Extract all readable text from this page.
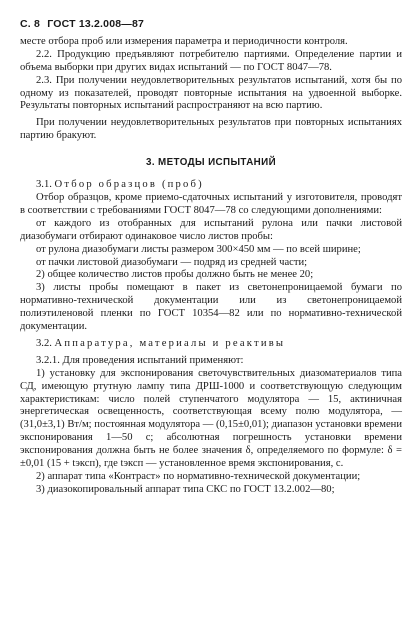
С. 8 ГОСТ 13.2.008—87

месте отбора проб или измерения параметра и периодичности контроля.

2.2. Продукцию предъявляют потребителю партиями. Определение партии и объема выборки при других видах испытаний — по ГОСТ 8047—78.

2.3. При получении неудовлетворительных результатов испытаний, хотя бы по одному из показателей, проводят повторные испытания на удвоенной выборке. Результаты повторных испытаний распространяют на всю партию.

При получении неудовлетворительных результатов при повторных испытаниях партию бракуют.

3. МЕТОДЫ ИСПЫТАНИЙ

3.1. Отбор образцов (проб)

Отбор образцов, кроме приемо-сдаточных испытаний у изготовителя, проводят в соответствии с требованиями ГОСТ 8047—78 со следующими дополнениями:

от каждого из отобранных для испытаний рулона или пачки листовой диазобумаги отбирают одинаковое число листов пробы:

от рулона диазобумаги листы размером 300×450 мм — по всей ширине;

от пачки листовой диазобумаги — подряд из средней части;

2) общее количество листов пробы должно быть не менее 20;

3) листы пробы помещают в пакет из светонепроницаемой бумаги по нормативно-технической документации или из светонепроницаемой полиэтиленовой пленки по ГОСТ 10354—82 или по нормативно-технической документации.

3.2. Аппаратура, материалы и реактивы

3.2.1. Для проведения испытаний применяют:

1) установку для экспонирования светочувствительных диазоматериалов типа СД, имеющую ртутную лампу типа ДРШ-1000 и соответствующую следующим характеристикам: число полей ступенчатого модулятора — 15, актиничная энергетическая освещенность, соответствующая всему полю модулятора, — (31,0±3,1) Вт/м; постоянная модулятора — (0,15±0,01); диапазон установки времени экспонирования 1—50 с; абсолютная погрешность установки времени экспонирования должна быть не более значения δ, определяемого по формуле: δ = ±0,01 (15 + tэксп), где tэксп — установленное время экспонирования, с.

2) аппарат типа «Контраст» по нормативно-технической документации;

3) диазокопировальный аппарат типа СКС по ГОСТ 13.2.002—80;
